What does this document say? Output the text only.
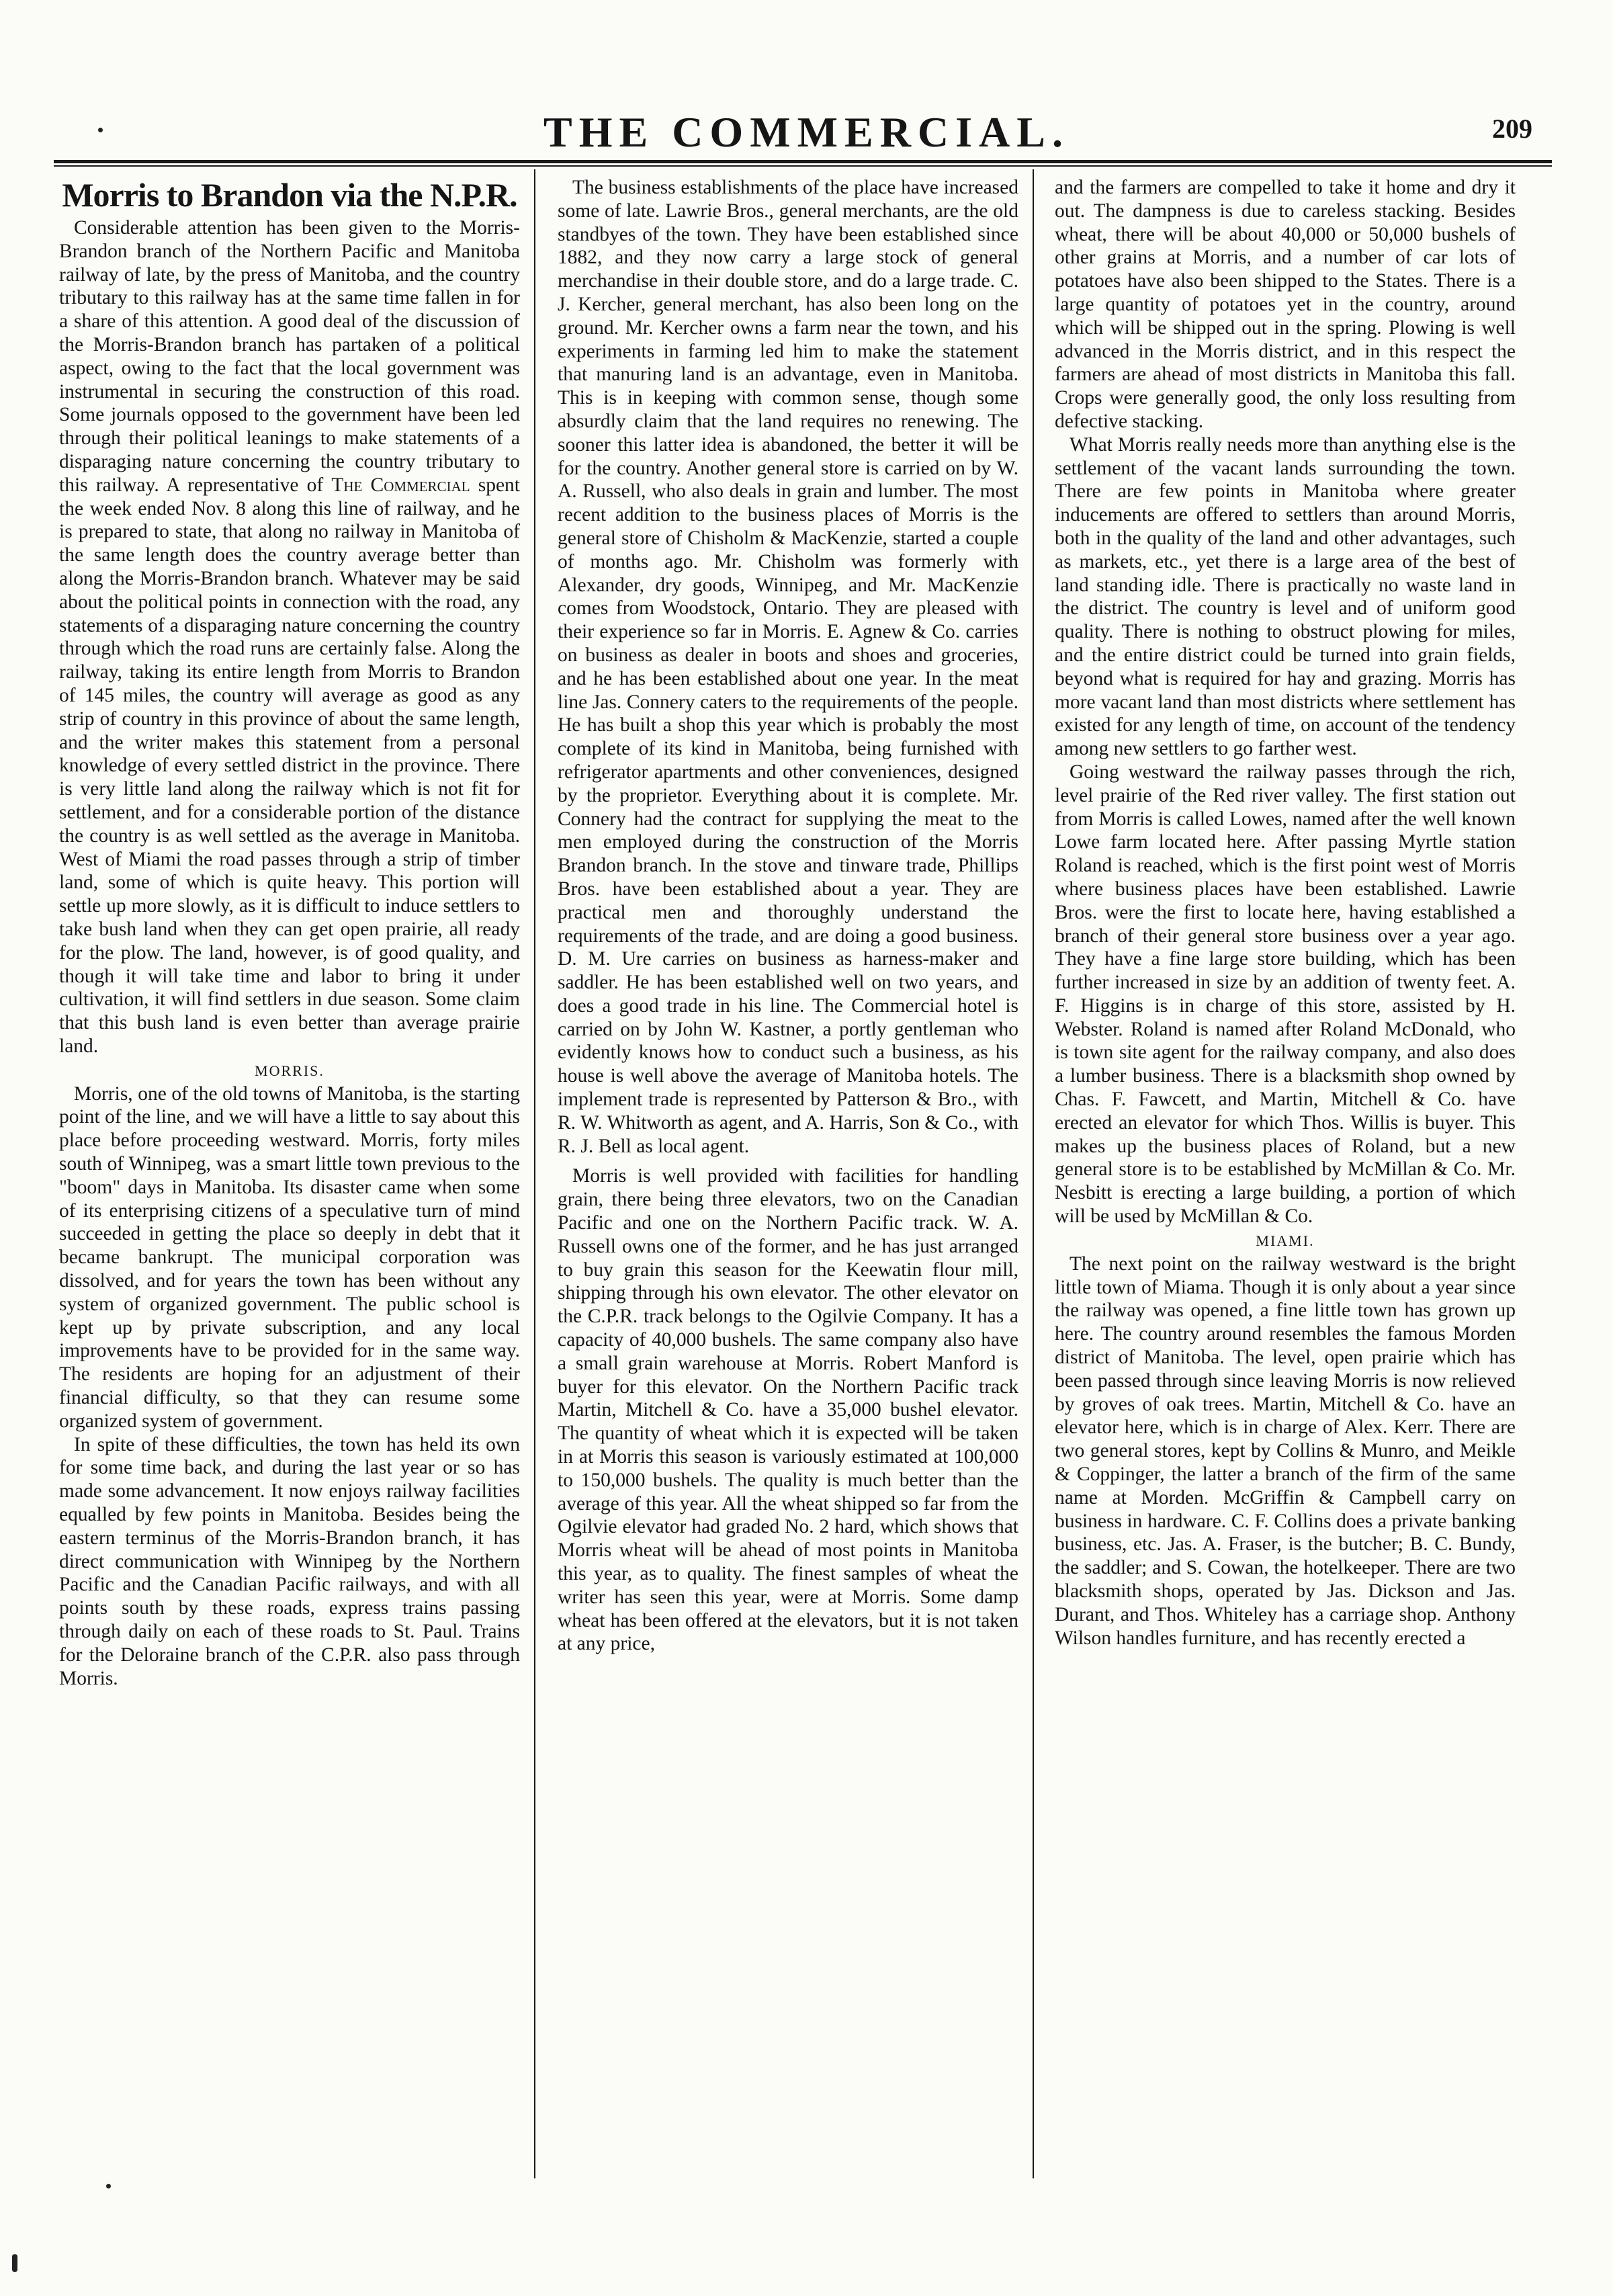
THE COMMERCIAL.	209
Morris to Brandon via the N.P.R.

Considerable attention has been given to the Morris-Brandon branch of the Northern Pacific and Manitoba railway of late, by the press of Manitoba, and the country tributary to this railway has at the same time fallen in for a share of this attention. A good deal of the discussion of the Morris-Brandon branch has partaken of a political aspect, owing to the fact that the local government was instrumental in securing the construction of this road. Some journals opposed to the government have been led through their political leanings to make statements of a disparaging nature concerning the country tributary to this railway. A representative of The Commercial spent the week ended Nov. 8 along this line of railway, and he is prepared to state, that along no railway in Manitoba of the same length does the country average better than along the Morris-Brandon branch. Whatever may be said about the political points in connection with the road, any statements of a disparaging nature concerning the country through which the road runs are certainly false. Along the railway, taking its entire length from Morris to Brandon of 145 miles, the country will average as good as any strip of country in this province of about the same length, and the writer makes this statement from a personal knowledge of every settled district in the province. There is very little land along the railway which is not fit for settlement, and for a considerable portion of the distance the country is as well settled as the average in Manitoba. West of Miami the road passes through a strip of timber land, some of which is quite heavy. This portion will settle up more slowly, as it is difficult to induce settlers to take bush land when they can get open prairie, all ready for the plow. The land, however, is of good quality, and though it will take time and labor to bring it under cultivation, it will find settlers in due season. Some claim that this bush land is even better than average prairie land.

MORRIS.

Morris, one of the old towns of Manitoba, is the starting point of the line, and we will have a little to say about this place before proceeding westward. Morris, forty miles south of Winnipeg, was a smart little town previous to the "boom" days in Manitoba. Its disaster came when some of its enterprising citizens of a speculative turn of mind succeeded in getting the place so deeply in debt that it became bankrupt. The municipal corporation was dissolved, and for years the town has been without any system of organized government. The public school is kept up by private subscription, and any local improvements have to be provided for in the same way. The residents are hoping for an adjustment of their financial difficulty, so that they can resume some organized system of government.

In spite of these difficulties, the town has held its own for some time back, and during the last year or so has made some advancement. It now enjoys railway facilities equalled by few points in Manitoba. Besides being the eastern terminus of the Morris-Brandon branch, it has direct communication with Winnipeg by the Northern Pacific and the Canadian Pacific railways, and with all points south by these roads, express trains passing through daily on each of these roads to St. Paul. Trains for the Deloraine branch of the C.P.R. also pass through Morris.

The business establishments of the place have increased some of late. Lawrie Bros., general merchants, are the old standbyes of the town. They have been established since 1882, and they now carry a large stock of general merchandise in their double store, and do a large trade. C. J. Kercher, general merchant, has also been long on the ground. Mr. Kercher owns a farm near the town, and his experiments in farming led him to make the statement that manuring land is an advantage, even in Manitoba. This is in keeping with common sense, though some absurdly claim that the land requires no renewing. The sooner this latter idea is abandoned, the better it will be for the country. Another general store is carried on by W. A. Russell, who also deals in grain and lumber. The most recent addition to the business places of Morris is the general store of Chisholm & MacKenzie, started a couple of months ago. Mr. Chisholm was formerly with Alexander, dry goods, Winnipeg, and Mr. MacKenzie comes from Woodstock, Ontario. They are pleased with their experience so far in Morris. E. Agnew & Co. carries on business as dealer in boots and shoes and groceries, and he has been established about one year. In the meat line Jas. Connery caters to the requirements of the people. He has built a shop this year which is probably the most complete of its kind in Manitoba, being furnished with refrigerator apartments and other conveniences, designed by the proprietor. Everything about it is complete. Mr. Connery had the contract for supplying the meat to the men employed during the construction of the Morris Brandon branch. In the stove and tinware trade, Phillips Bros. have been established about a year. They are practical men and thoroughly understand the requirements of the trade, and are doing a good business. D. M. Ure carries on business as harness-maker and saddler. He has been established well on two years, and does a good trade in his line. The Commercial hotel is carried on by John W. Kastner, a portly gentleman who evidently knows how to conduct such a business, as his house is well above the average of Manitoba hotels. The implement trade is represented by Patterson & Bro., with R. W. Whitworth as agent, and A. Harris, Son & Co., with R. J. Bell as local agent.

Morris is well provided with facilities for handling grain, there being three elevators, two on the Canadian Pacific and one on the Northern Pacific track. W. A. Russell owns one of the former, and he has just arranged to buy grain this season for the Keewatin flour mill, shipping through his own elevator. The other elevator on the C.P.R. track belongs to the Ogilvie Company. It has a capacity of 40,000 bushels. The same company also have a small grain warehouse at Morris. Robert Manford is buyer for this elevator. On the Northern Pacific track Martin, Mitchell & Co. have a 35,000 bushel elevator. The quantity of wheat which it is expected will be taken in at Morris this season is variously estimated at 100,000 to 150,000 bushels. The quality is much better than the average of this year. All the wheat shipped so far from the Ogilvie elevator had graded No. 2 hard, which shows that Morris wheat will be ahead of most points in Manitoba this year, as to quality. The finest samples of wheat the writer has seen this year, were at Morris. Some damp wheat has been offered at the elevators, but it is not taken at any price,

and the farmers are compelled to take it home and dry it out. The dampness is due to careless stacking. Besides wheat, there will be about 40,000 or 50,000 bushels of other grains at Morris, and a number of car lots of potatoes have also been shipped to the States. There is a large quantity of potatoes yet in the country, around which will be shipped out in the spring. Plowing is well advanced in the Morris district, and in this respect the farmers are ahead of most districts in Manitoba this fall. Crops were generally good, the only loss resulting from defective stacking.

What Morris really needs more than anything else is the settlement of the vacant lands surrounding the town. There are few points in Manitoba where greater inducements are offered to settlers than around Morris, both in the quality of the land and other advantages, such as markets, etc., yet there is a large area of the best of land standing idle. There is practically no waste land in the district. The country is level and of uniform good quality. There is nothing to obstruct plowing for miles, and the entire district could be turned into grain fields, beyond what is required for hay and grazing. Morris has more vacant land than most districts where settlement has existed for any length of time, on account of the tendency among new settlers to go farther west.

Going westward the railway passes through the rich, level prairie of the Red river valley. The first station out from Morris is called Lowes, named after the well known Lowe farm located here. After passing Myrtle station Roland is reached, which is the first point west of Morris where business places have been established. Lawrie Bros. were the first to locate here, having established a branch of their general store business over a year ago. They have a fine large store building, which has been further increased in size by an addition of twenty feet. A. F. Higgins is in charge of this store, assisted by H. Webster. Roland is named after Roland McDonald, who is town site agent for the railway company, and also does a lumber business. There is a blacksmith shop owned by Chas. F. Fawcett, and Martin, Mitchell & Co. have erected an elevator for which Thos. Willis is buyer. This makes up the business places of Roland, but a new general store is to be established by McMillan & Co. Mr. Nesbitt is erecting a large building, a portion of which will be used by McMillan & Co.

MIAMI.

The next point on the railway westward is the bright little town of Miama. Though it is only about a year since the railway was opened, a fine little town has grown up here. The country around resembles the famous Morden district of Manitoba. The level, open prairie which has been passed through since leaving Morris is now relieved by groves of oak trees. Martin, Mitchell & Co. have an elevator here, which is in charge of Alex. Kerr. There are two general stores, kept by Collins & Munro, and Meikle & Coppinger, the latter a branch of the firm of the same name at Morden. McGriffin & Campbell carry on business in hardware. C. F. Collins does a private banking business, etc. Jas. A. Fraser, is the butcher; B. C. Bundy, the saddler; and S. Cowan, the hotelkeeper. There are two blacksmith shops, operated by Jas. Dickson and Jas. Durant, and Thos. Whiteley has a carriage shop. Anthony Wilson handles furniture, and has recently erected a
